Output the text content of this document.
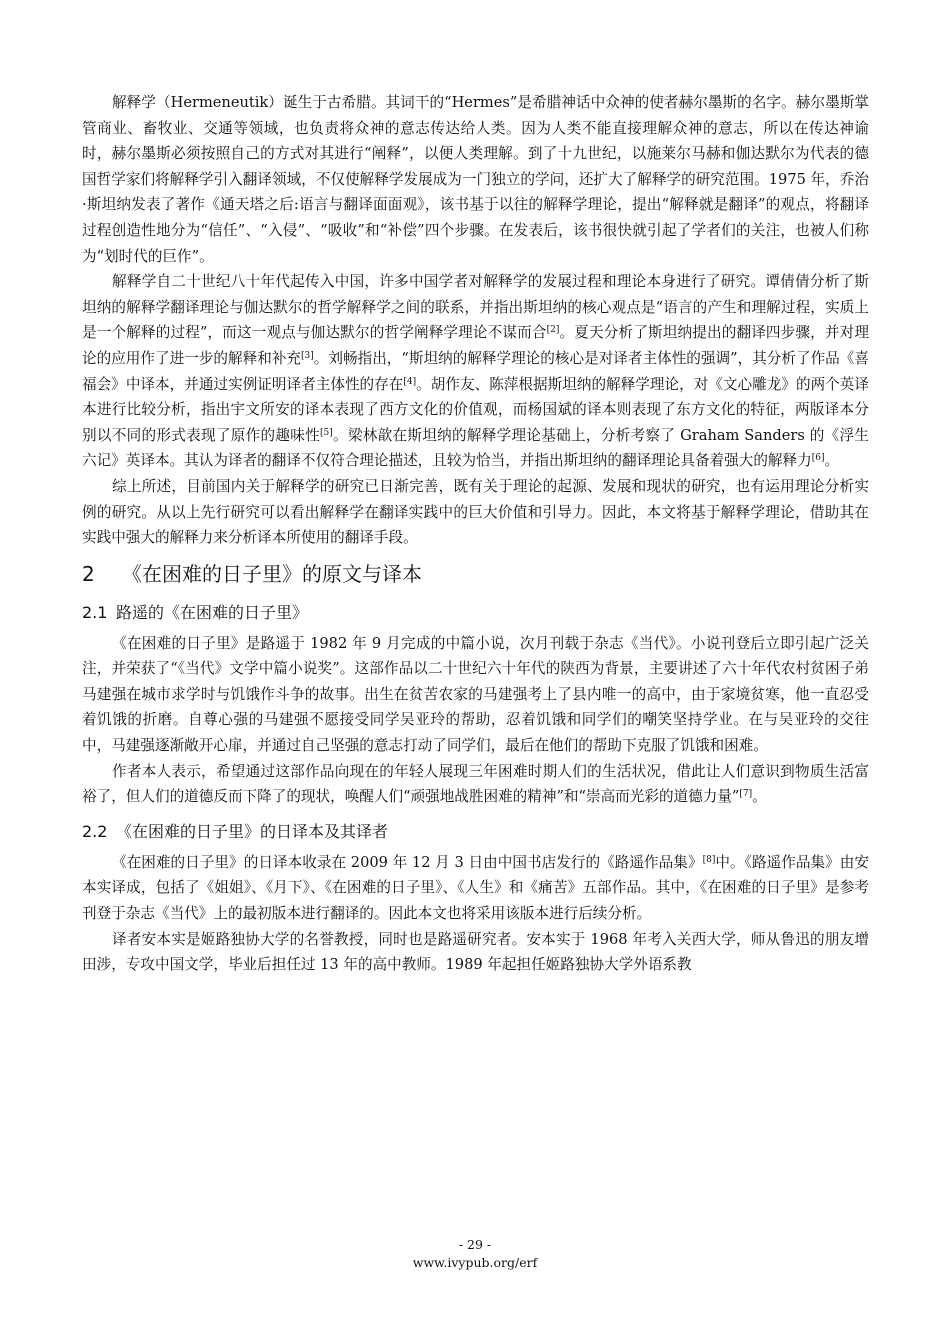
解释学（Hermeneutik）诞生于古希腊。其词干的“Hermes”是希腊神话中众神的使者赫尔墨斯的名字。赫尔墨斯掌管商业、畜牧业、交通等领域，也负责将众神的意志传达给人类。因为人类不能直接理解众神的意志，所以在传达神谕时，赫尔墨斯必须按照自己的方式对其进行“阐释”，以便人类理解。到了十九世纪，以施莱尔马赫和伽达默尔为代表的德国哲学家们将解释学引入翻译领域，不仅使解释学发展成为一门独立的学问，还扩大了解释学的研究范围。1975 年，乔治·斯坦纳发表了著作《通天塔之后:语言与翻译面面观》，该书基于以往的解释学理论，提出“解释就是翻译”的观点，将翻译过程创造性地分为“信任”、“入侵”、“吸收”和“补偿”四个步骤。在发表后，该书很快就引起了学者们的关注，也被人们称为“划时代的巨作”。

解释学自二十世纪八十年代起传入中国，许多中国学者对解释学的发展过程和理论本身进行了研究。谭倩倩分析了斯坦纳的解释学翻译理论与伽达默尔的哲学解释学之间的联系，并指出斯坦纳的核心观点是“语言的产生和理解过程，实质上是一个解释的过程”，而这一观点与伽达默尔的哲学阐释学理论不谋而合[2]。夏天分析了斯坦纳提出的翻译四步骤，并对理论的应用作了进一步的解释和补充[3]。刘畅指出，“斯坦纳的解释学理论的核心是对译者主体性的强调”，其分析了作品《喜福会》中译本，并通过实例证明译者主体性的存在[4]。胡作友、陈萍根据斯坦纳的解释学理论，对《文心雕龙》的两个英译本进行比较分析，指出宇文所安的译本表现了西方文化的价值观，而杨国斌的译本则表现了东方文化的特征，两版译本分别以不同的形式表现了原作的趣味性[5]。梁林歆在斯坦纳的解释学理论基础上，分析考察了 Graham Sanders 的《浮生六记》英译本。其认为译者的翻译不仅符合理论描述，且较为恰当，并指出斯坦纳的翻译理论具备着强大的解释力[6]。

综上所述，目前国内关于解释学的研究已日渐完善，既有关于理论的起源、发展和现状的研究，也有运用理论分析实例的研究。从以上先行研究可以看出解释学在翻译实践中的巨大价值和引导力。因此，本文将基于解释学理论，借助其在实践中强大的解释力来分析译本所使用的翻译手段。

2 《在困难的日子里》的原文与译本
2.1 路遥的《在困难的日子里》

《在困难的日子里》是路遥于 1982 年 9 月完成的中篇小说，次月刊载于杂志《当代》。小说刊登后立即引起广泛关注，并荣获了“《当代》文学中篇小说奖”。这部作品以二十世纪六十年代的陕西为背景，主要讲述了六十年代农村贫困子弟马建强在城市求学时与饥饿作斗争的故事。出生在贫苦农家的马建强考上了县内唯一的高中，由于家境贫寒，他一直忍受着饥饿的折磨。自尊心强的马建强不愿接受同学吴亚玲的帮助，忍着饥饿和同学们的嘲笑坚持学业。在与吴亚玲的交往中，马建强逐渐敞开心扉，并通过自己坚强的意志打动了同学们，最后在他们的帮助下克服了饥饿和困难。

作者本人表示，希望通过这部作品向现在的年轻人展现三年困难时期人们的生活状况，借此让人们意识到物质生活富裕了，但人们的道德反而下降了的现状，唤醒人们“顽强地战胜困难的精神”和“崇高而光彩的道德力量”[7]。

2.2 《在困难的日子里》的日译本及其译者

《在困难的日子里》的日译本收录在 2009 年 12 月 3 日由中国书店发行的《路遥作品集》[8]中。《路遥作品集》由安本实译成，包括了《姐姐》、《月下》、《在困难的日子里》、《人生》和《痛苦》五部作品。其中，《在困难的日子里》是参考刊登于杂志《当代》上的最初版本进行翻译的。因此本文也将采用该版本进行后续分析。

译者安本实是姬路独协大学的名誉教授，同时也是路遥研究者。安本实于 1968 年考入关西大学，师从鲁迅的朋友增田涉，专攻中国文学，毕业后担任过 13 年的高中教师。1989 年起担任姬路独协大学外语系教

- 29 -
www.ivypub.org/erf
